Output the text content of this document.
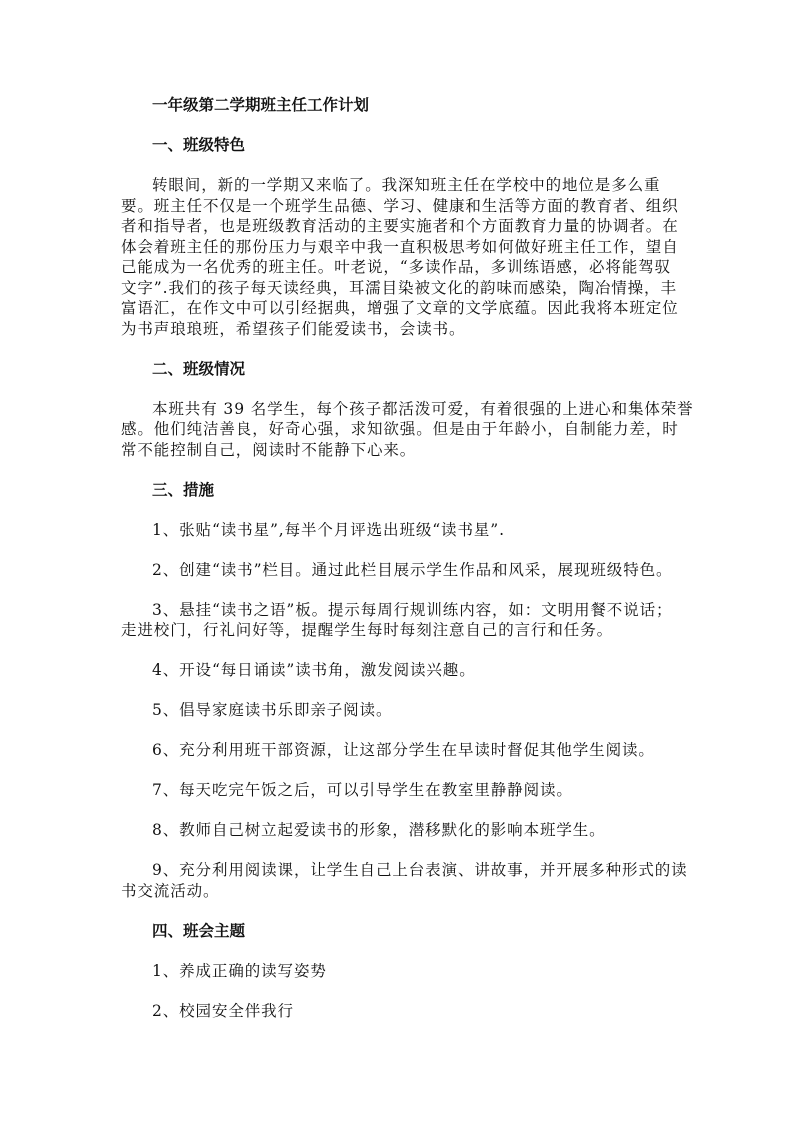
一年级第二学期班主任工作计划
一、班级特色
转眼间，新的一学期又来临了。我深知班主任在学校中的地位是多么重
要。班主任不仅是一个班学生品德、学习、健康和生活等方面的教育者、组织
者和指导者，也是班级教育活动的主要实施者和个方面教育力量的协调者。在
体会着班主任的那份压力与艰辛中我一直积极思考如何做好班主任工作，望自
己能成为一名优秀的班主任。叶老说，“多读作品，多训练语感，必将能驾驭
文字”.我们的孩子每天读经典，耳濡目染被文化的韵味而感染，陶冶情操，丰
富语汇，在作文中可以引经据典，增强了文章的文学底蕴。因此我将本班定位
为书声琅琅班，希望孩子们能爱读书，会读书。
二、班级情况
本班共有 39 名学生，每个孩子都活泼可爱，有着很强的上进心和集体荣誉
感。他们纯洁善良，好奇心强，求知欲强。但是由于年龄小，自制能力差，时
常不能控制自己，阅读时不能静下心来。
三、措施
1、张贴“读书星”,每半个月评选出班级“读书星”.
2、创建“读书”栏目。通过此栏目展示学生作品和风采，展现班级特色。
3、悬挂“读书之语”板。提示每周行规训练内容，如：文明用餐不说话；
走进校门，行礼问好等，提醒学生每时每刻注意自己的言行和任务。
4、开设“每日诵读”读书角，激发阅读兴趣。
5、倡导家庭读书乐即亲子阅读。
6、充分利用班干部资源，让这部分学生在早读时督促其他学生阅读。
7、每天吃完午饭之后，可以引导学生在教室里静静阅读。
8、教师自己树立起爱读书的形象，潜移默化的影响本班学生。
9、充分利用阅读课，让学生自己上台表演、讲故事，并开展多种形式的读
书交流活动。
四、班会主题
1、养成正确的读写姿势
2、校园安全伴我行
